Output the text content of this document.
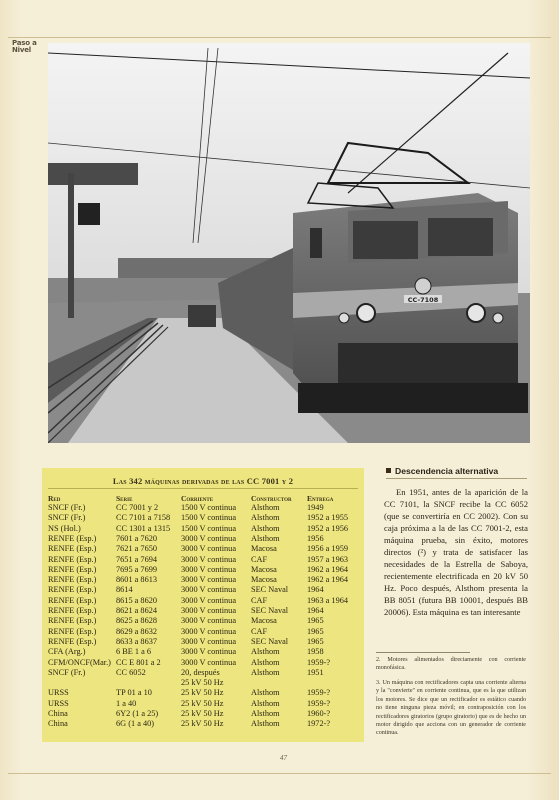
Paso a Nivel
CC-7108
Las 342 máquinas derivadas de las CC 7001 y 2
Red	Serie	Corriente	Constructor Entrega
SNCF (Fr.)	CC 7001 y 2	1500 V continua Alsthom	1949
SNCF (Fr.)	CC 7101 a 7158 1500 V continua Alsthom	1952 a 1955
NS (Hol.)	CC 1301 a 1315 1500 V continua Alsthom	1952 a 1956
RENFE (Esp.) 7601 a 7620	3000 V continua Alsthom	1956
RENFE (Esp.) 7621 a 7650	3000 V continua Macosa	1956 a 1959
RENFE (Esp.) 7651 a 7694	3000 V continua CAF	1957 a 1963
RENFE (Esp.) 7695 a 7699	3000 V continua Macosa	1962 a 1964
RENFE (Esp.) 8601 a 8613	3000 V continua Macosa	1962 a 1964
RENFE (Esp.) 8614	3000 V continua SEC Naval 1964
RENFE (Esp.) 8615 a 8620	3000 V continua CAF	1963 a 1964
RENFE (Esp.) 8621 a 8624	3000 V continua SEC Naval 1964
RENFE (Esp.) 8625 a 8628	3000 V continua Macosa	1965
RENFE (Esp.) 8629 a 8632	3000 V continua CAF	1965
RENFE (Esp.) 8633 a 8637	3000 V continua SEC Naval 1965
CFA (Arg.)	6 BE 1 a 6	3000 V continua Alsthom	1958
CFM/ONCF(Mar.) CC E 801 a 2 3000 V continua Alsthom	1959-?
SNCF (Fr.)	CC 6052	20, después	Alsthom	1951
25 kV 50 Hz
URSS	TP 01 a 10	25 kV 50 Hz	Alsthom	1959-?
URSS	1 a 40	25 kV 50 Hz	Alsthom	1959-?
China	6Y2 (1 a 25)	25 kV 50 Hz	Alsthom	1960-?
China	6G (1 a 40)	25 kV 50 Hz	Alsthom	1972-?
Descendencia alternativa
En 1951, antes de la aparición de la CC 7101, la SNCF recibe la CC 6052 (que se convertiría en CC 2002). Con su caja próxima a la de las CC 7001-2, esta máquina prueba, sin éxito, motores directos (²) y trata de satisfacer las necesidades de la Estrella de Saboya, recientemente electrificada en 20 kV 50 Hz. Poco después, Alsthom presenta la BB 8051 (futura BB 10001, después BB 20006). Esta máquina es tan interesante
2. Motores alimentados directamente con corriente monofásica.
3. Un máquina con rectificadores capta una corriente alterna y la "convierte" en corriente continua, que es la que utilizan los motores. Se dice que un rectificador es estático cuando no tiene ninguna pieza móvil; en contraposición con los rectificadores giratorios (grupo giratorio) que es de hecho un motor dirigido que acciona con un generador de corriente continua.
47
